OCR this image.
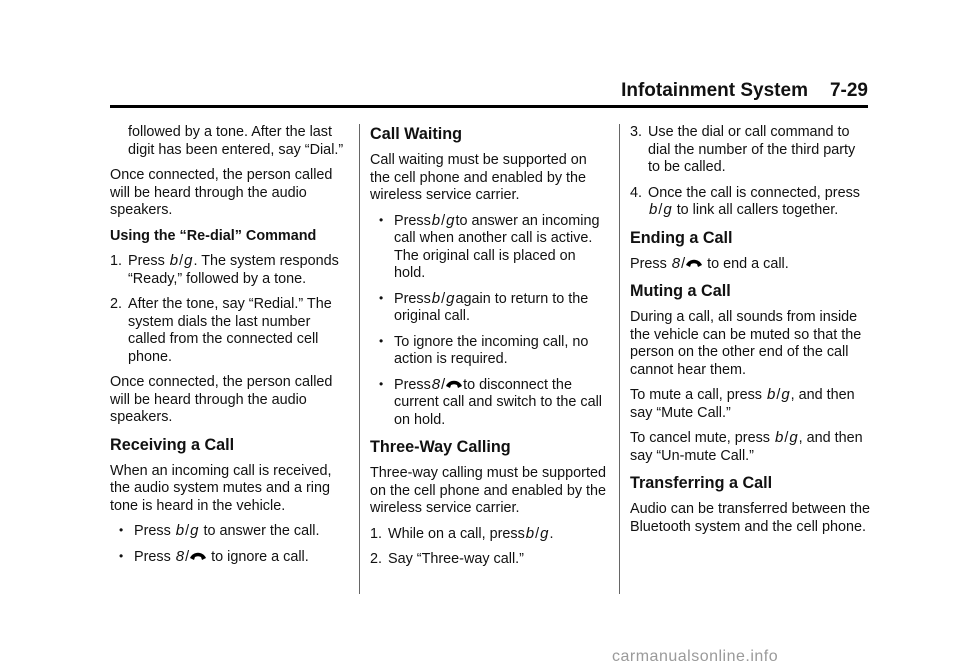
Infotainment System 7-29

followed by a tone. After the last digit has been entered, say “Dial.”

Once connected, the person called will be heard through the audio speakers.

Using the “Re-dial” Command

1. Press b/g. The system responds “Ready,” followed by a tone.
2. After the tone, say “Redial.” The system dials the last number called from the connected cell phone.

Once connected, the person called will be heard through the audio speakers.

Receiving a Call

When an incoming call is received, the audio system mutes and a ring tone is heard in the vehicle.

• Press b/g to answer the call.
• Press 8/ to ignore a call.
Call Waiting

Call waiting must be supported on the cell phone and enabled by the wireless service carrier.

• Pressb/gto answer an incoming call when another call is active. The original call is placed on hold.
• Pressb/gagain to return to the original call.
• To ignore the incoming call, no action is required.
• Press8/ to disconnect the current call and switch to the call on hold.
Three-Way Calling

Three-way calling must be supported on the cell phone and enabled by the wireless service carrier.

1. While on a call, pressb/g.
2. Say “Three-way call.”
3. Use the dial or call command to dial the number of the third party to be called.
4. Once the call is connected, press b/g to link all callers together.
Ending a Call

Press 8/ to end a call.

Muting a Call

During a call, all sounds from inside the vehicle can be muted so that the person on the other end of the call cannot hear them.

To mute a call, press b/g, and then say “Mute Call.”

To cancel mute, press b/g, and then say “Un-mute Call.”

Transferring a Call

Audio can be transferred between the Bluetooth system and the cell phone.

carmanualsonline.info
